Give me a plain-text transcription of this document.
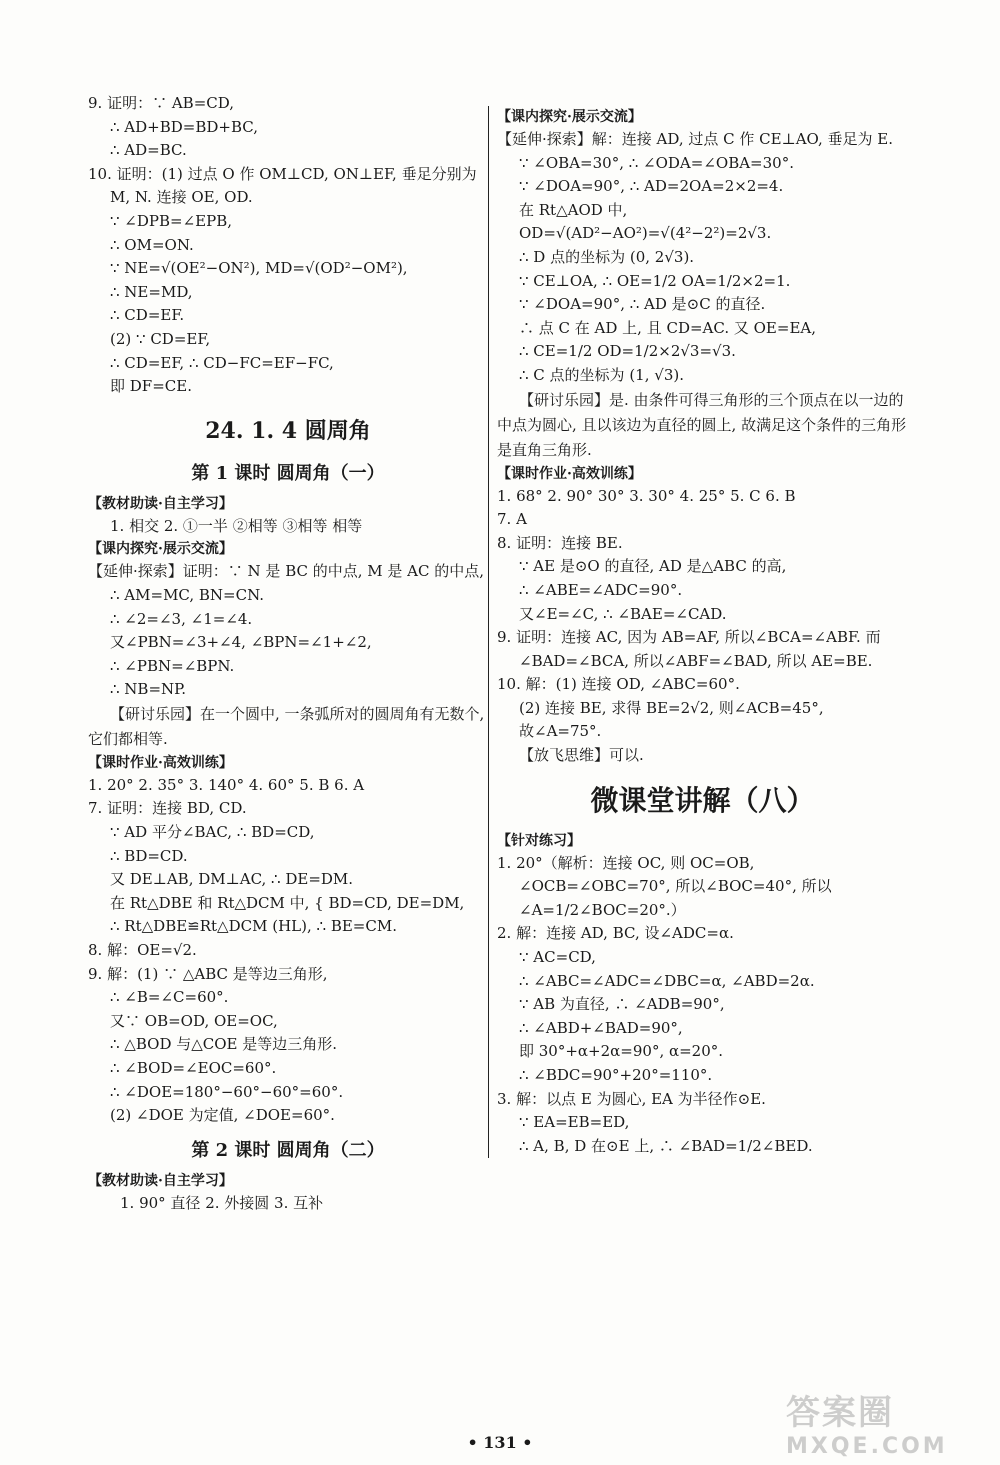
9. 证明：∵ AB=CD,
∴ AD+BD=BD+BC,
∴ AD=BC.
10. 证明：(1) 过点 O 作 OM⊥CD, ON⊥EF, 垂足分别为 M, N. 连接 OE, OD.
∵ ∠DPB=∠EPB,
∴ OM=ON.
∵ NE=√(OE²−ON²), MD=√(OD²−OM²),
∴ NE=MD,
∴ CD=EF.
(2) ∵ CD=EF,
∴ CD=EF, ∴ CD−FC=EF−FC,
即 DF=CE.
24. 1. 4 圆周角
第 1 课时 圆周角（一）
【教材助读·自主学习】
1. 相交 2. ①一半 ②相等 ③相等 相等
【课内探究·展示交流】
【延伸·探索】证明：∵ N 是 BC 的中点, M 是 AC 的中点,
∴ AM=MC, BN=CN.
∴ ∠2=∠3, ∠1=∠4.
又∠PBN=∠3+∠4, ∠BPN=∠1+∠2,
∴ ∠PBN=∠BPN.
∴ NB=NP.
【研讨乐园】在一个圆中, 一条弧所对的圆周角有无数个, 它们都相等.
【课时作业·高效训练】
1. 20° 2. 35° 3. 140° 4. 60° 5. B 6. A
7. 证明：连接 BD, CD.
∵ AD 平分∠BAC, ∴ BD=CD,
∴ BD=CD.
又 DE⊥AB, DM⊥AC, ∴ DE=DM.
在 Rt△DBE 和 Rt△DCM 中, { BD=CD, DE=DM,
∴ Rt△DBE≌Rt△DCM (HL), ∴ BE=CM.
8. 解：OE=√2.
9. 解：(1) ∵ △ABC 是等边三角形,
∴ ∠B=∠C=60°.
又∵ OB=OD, OE=OC,
∴ △BOD 与△COE 是等边三角形.
∴ ∠BOD=∠EOC=60°.
∴ ∠DOE=180°−60°−60°=60°.
(2) ∠DOE 为定值, ∠DOE=60°.
第 2 课时 圆周角（二）
【教材助读·自主学习】
1. 90° 直径 2. 外接圆 3. 互补
【课内探究·展示交流】
【延伸·探索】解：连接 AD, 过点 C 作 CE⊥AO, 垂足为 E.
∵ ∠OBA=30°, ∴ ∠ODA=∠OBA=30°.
∵ ∠DOA=90°, ∴ AD=2OA=2×2=4.
在 Rt△AOD 中,
OD=√(AD²−AO²)=√(4²−2²)=2√3.
∴ D 点的坐标为 (0, 2√3).
∵ CE⊥OA, ∴ OE=1/2 OA=1/2×2=1.
∵ ∠DOA=90°, ∴ AD 是⊙C 的直径.
∴ 点 C 在 AD 上, 且 CD=AC. 又 OE=EA,
∴ CE=1/2 OD=1/2×2√3=√3.
∴ C 点的坐标为 (1, √3).
【研讨乐园】是. 由条件可得三角形的三个顶点在以一边的中点为圆心, 且以该边为直径的圆上, 故满足这个条件的三角形是直角三角形.
【课时作业·高效训练】
1. 68° 2. 90° 30° 3. 30° 4. 25° 5. C 6. B
7. A
8. 证明：连接 BE.
∵ AE 是⊙O 的直径, AD 是△ABC 的高,
∴ ∠ABE=∠ADC=90°.
又∠E=∠C, ∴ ∠BAE=∠CAD.
9. 证明：连接 AC, 因为 AB=AF, 所以∠BCA=∠ABF. 而∠BAD=∠BCA, 所以∠ABF=∠BAD, 所以 AE=BE.
10. 解：(1) 连接 OD, ∠ABC=60°.
(2) 连接 BE, 求得 BE=2√2, 则∠ACB=45°,
故∠A=75°.
【放飞思维】可以.
微课堂讲解（八）
【针对练习】
1. 20°（解析：连接 OC, 则 OC=OB, ∠OCB=∠OBC=70°, 所以∠BOC=40°, 所以∠A=1/2∠BOC=20°.）
2. 解：连接 AD, BC, 设∠ADC=α.
∵ AC=CD,
∴ ∠ABC=∠ADC=∠DBC=α, ∠ABD=2α.
∵ AB 为直径, ∴ ∠ADB=90°,
∴ ∠ABD+∠BAD=90°,
即 30°+α+2α=90°, α=20°.
∴ ∠BDC=90°+20°=110°.
3. 解：以点 E 为圆心, EA 为半径作⊙E.
∵ EA=EB=ED,
∴ A, B, D 在⊙E 上, ∴ ∠BAD=1/2∠BED.
• 131 •
答案圈
MXQE.COM
